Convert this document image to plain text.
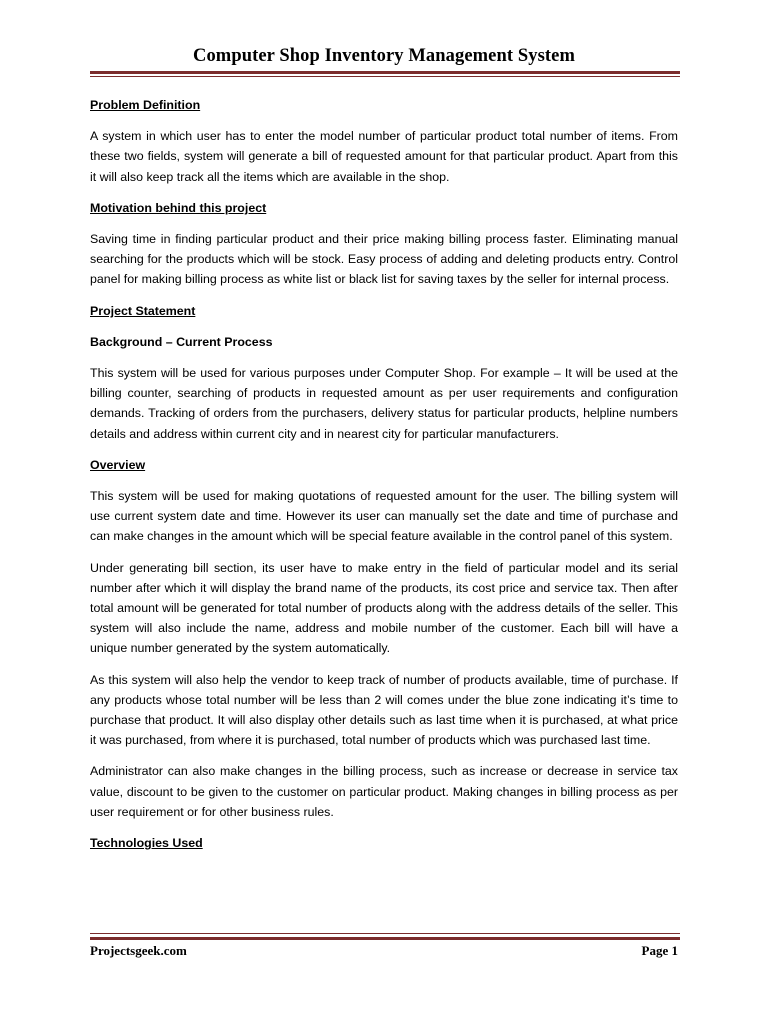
Computer Shop Inventory Management System
Problem Definition
A system in which user has to enter the model number of particular product total number of items. From these two fields, system will generate a bill of requested amount for that particular product. Apart from this it will also keep track all the items which are available in the shop.
Motivation behind this project
Saving time in finding particular product and their price making billing process faster. Eliminating manual searching for the products which will be stock. Easy process of adding and deleting products entry. Control panel for making billing process as white list or black list for saving taxes by the seller for internal process.
Project Statement
Background – Current Process
This system will be used for various purposes under Computer Shop. For example – It will be used at the billing counter, searching of products in requested amount as per user requirements and configuration demands. Tracking of orders from the purchasers, delivery status for particular products, helpline numbers details and address within current city and in nearest city for particular manufacturers.
Overview
This system will be used for making quotations of requested amount for the user. The billing system will use current system date and time. However its user can manually set the date and time of purchase and can make changes in the amount which will be special feature available in the control panel of this system.
Under generating bill section, its user have to make entry in the field of particular model and its serial number after which it will display the brand name of the products, its cost price and service tax. Then after total amount will be generated for total number of products along with the address details of the seller. This system will also include the name, address and mobile number of the customer. Each bill will have a unique number generated by the system automatically.
As this system will also help the vendor to keep track of number of products available, time of purchase. If any products whose total number will be less than 2 will comes under the blue zone indicating it’s time to purchase that product. It will also display other details such as last time when it is purchased, at what price it was purchased, from where it is purchased, total number of products which was purchased last time.
Administrator can also make changes in the billing process, such as increase or decrease in service tax value, discount to be given to the customer on particular product. Making changes in billing process as per user requirement or for other business rules.
Technologies Used
Projectsgeek.com	Page 1
